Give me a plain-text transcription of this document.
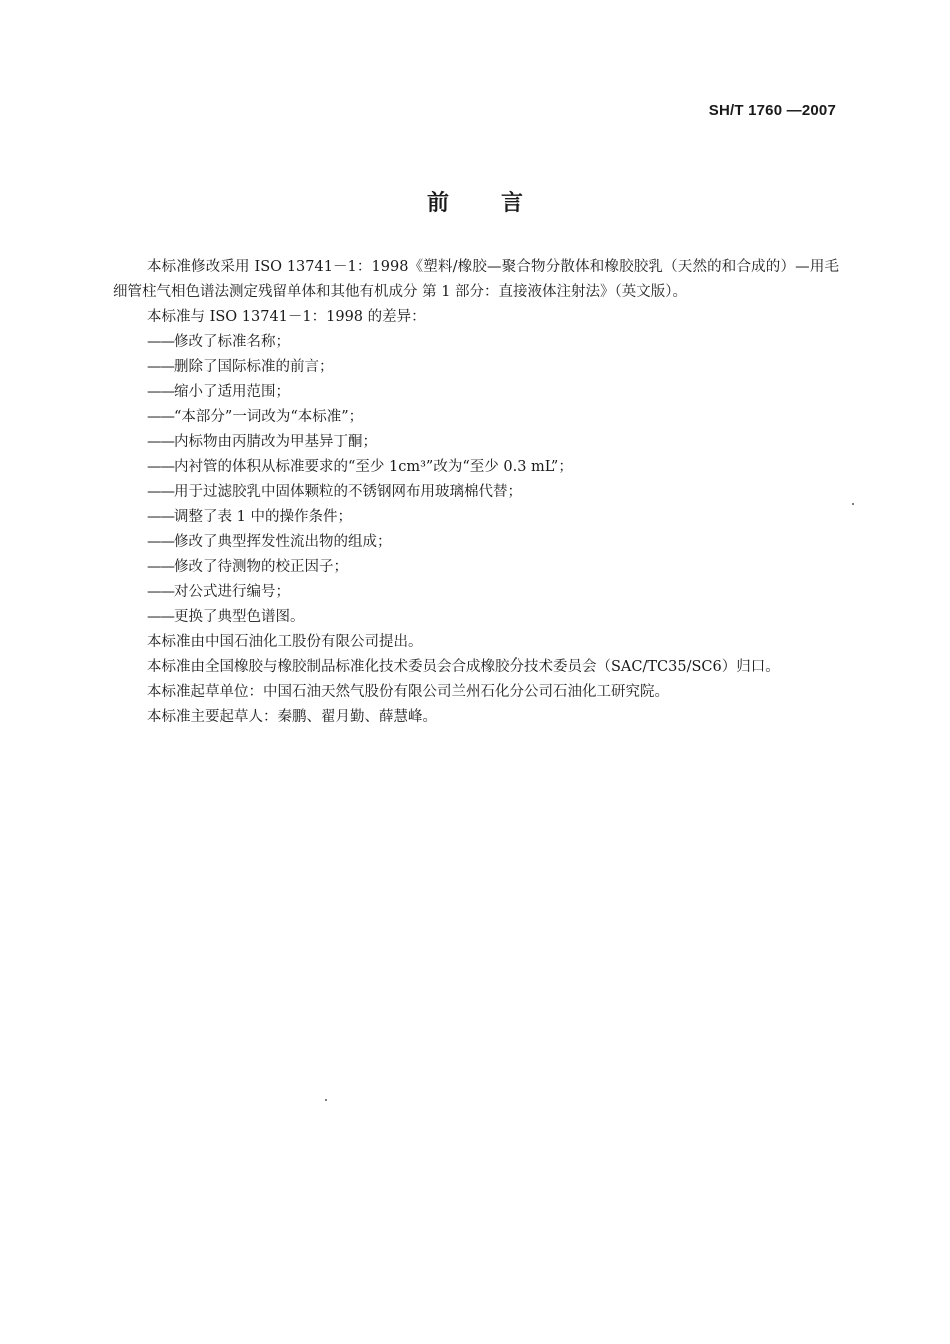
SH/T 1760 —2007
前 言

本标准修改采用 ISO 13741－1：1998《塑料/橡胶—聚合物分散体和橡胶胶乳（天然的和合成的）—用毛细管柱气相色谱法测定残留单体和其他有机成分 第 1 部分：直接液体注射法》（英文版）。

本标准与 ISO 13741－1：1998 的差异：

——修改了标准名称；

——删除了国际标准的前言；

——缩小了适用范围；

——“本部分”一词改为“本标准”；

——内标物由丙腈改为甲基异丁酮；

——内衬管的体积从标准要求的“至少 1cm³”改为“至少 0.3 mL”；

——用于过滤胶乳中固体颗粒的不锈钢网布用玻璃棉代替；

——调整了表 1 中的操作条件；

——修改了典型挥发性流出物的组成；

——修改了待测物的校正因子；

——对公式进行编号；

——更换了典型色谱图。

本标准由中国石油化工股份有限公司提出。

本标准由全国橡胶与橡胶制品标准化技术委员会合成橡胶分技术委员会（SAC/TC35/SC6）归口。

本标准起草单位：中国石油天然气股份有限公司兰州石化分公司石油化工研究院。

本标准主要起草人：秦鹏、翟月勤、薛慧峰。
